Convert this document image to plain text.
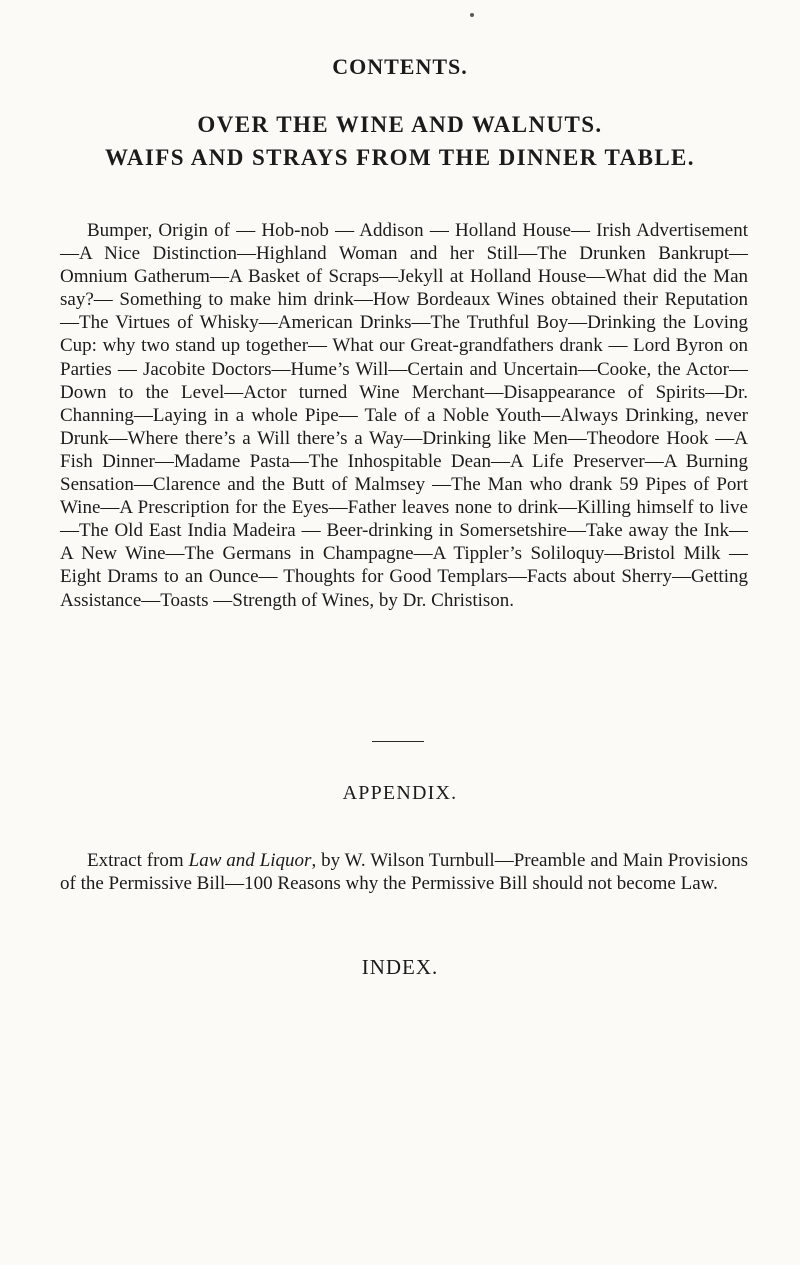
CONTENTS.
OVER THE WINE AND WALNUTS.
WAIFS AND STRAYS FROM THE DINNER TABLE.

Bumper, Origin of — Hob-nob — Addison — Holland House— Irish Advertisement—A Nice Distinction—Highland Woman and her Still—The Drunken Bankrupt—Omnium Gatherum—A Basket of Scraps—Jekyll at Holland House—What did the Man say?— Something to make him drink—How Bordeaux Wines obtained their Reputation—The Virtues of Whisky—American Drinks—The Truthful Boy—Drinking the Loving Cup: why two stand up together— What our Great-grandfathers drank — Lord Byron on Parties — Jacobite Doctors—Hume’s Will—Certain and Uncertain—Cooke, the Actor—Down to the Level—Actor turned Wine Merchant—Disappearance of Spirits—Dr. Channing—Laying in a whole Pipe— Tale of a Noble Youth—Always Drinking, never Drunk—Where there’s a Will there’s a Way—Drinking like Men—Theodore Hook —A Fish Dinner—Madame Pasta—The Inhospitable Dean—A Life Preserver—A Burning Sensation—Clarence and the Butt of Malmsey —The Man who drank 59 Pipes of Port Wine—A Prescription for the Eyes—Father leaves none to drink—Killing himself to live—The Old East India Madeira — Beer-drinking in Somersetshire—Take away the Ink—A New Wine—The Germans in Champagne—A Tippler’s Soliloquy—Bristol Milk — Eight Drams to an Ounce— Thoughts for Good Templars—Facts about Sherry—Getting Assistance—Toasts —Strength of Wines, by Dr. Christison.

APPENDIX.

Extract from Law and Liquor, by W. Wilson Turnbull—Preamble and Main Provisions of the Permissive Bill—100 Reasons why the Permissive Bill should not become Law.

INDEX.
